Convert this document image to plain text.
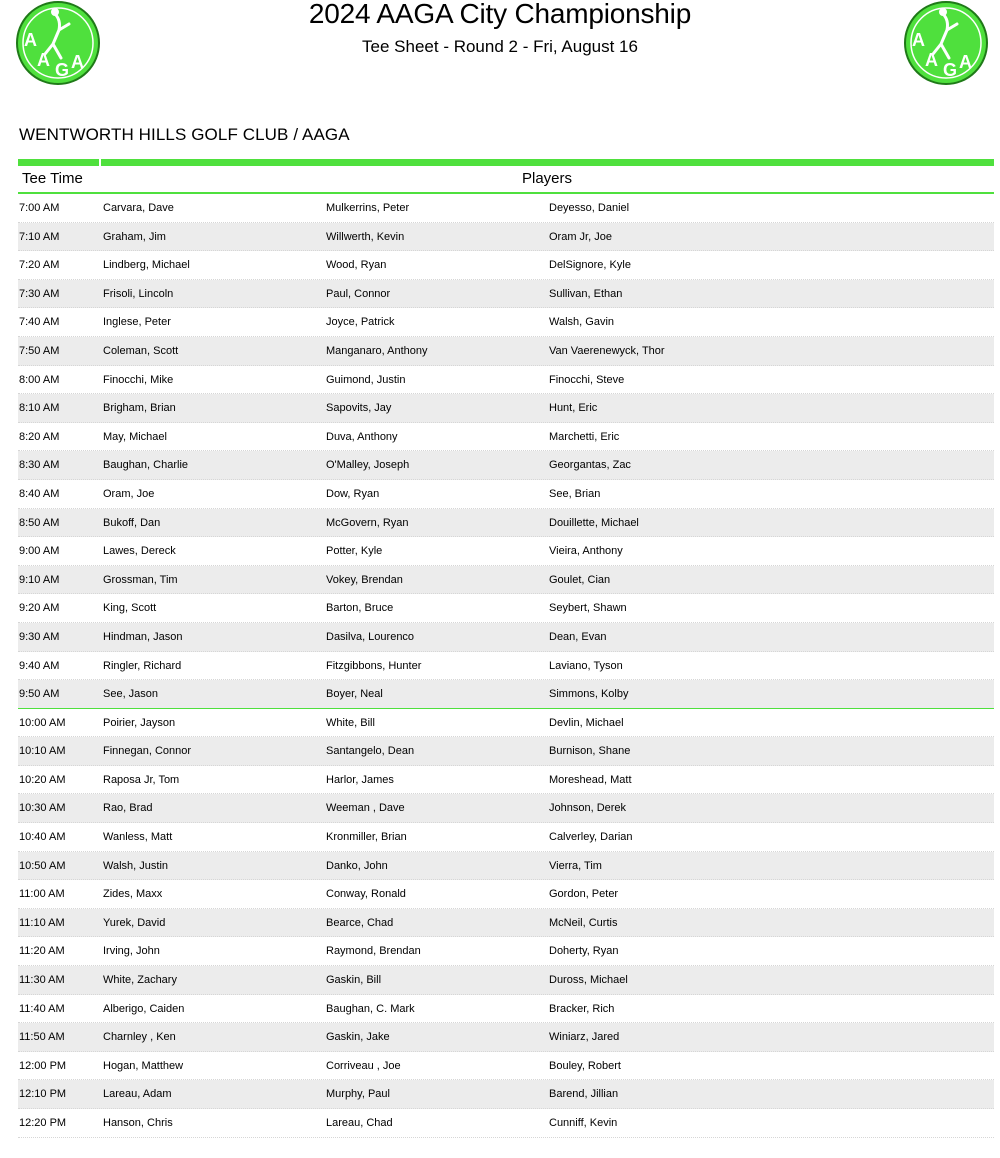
A
A G A
A
A G A
2024 AAGA City Championship
Tee Sheet - Round 2 - Fri, August 16
WENTWORTH HILLS GOLF CLUB / AAGA
Tee Time	Players
7:00 AM	Carvara, Dave	Mulkerrins, Peter	Deyesso, Daniel
7:10 AM	Graham, Jim	Willwerth, Kevin	Oram Jr, Joe
7:20 AM	Lindberg, Michael	Wood, Ryan	DelSignore, Kyle
7:30 AM	Frisoli, Lincoln	Paul, Connor	Sullivan, Ethan
7:40 AM	Inglese, Peter	Joyce, Patrick	Walsh, Gavin
7:50 AM	Coleman, Scott	Manganaro, Anthony	Van Vaerenewyck, Thor
8:00 AM	Finocchi, Mike	Guimond, Justin	Finocchi, Steve
8:10 AM	Brigham, Brian	Sapovits, Jay	Hunt, Eric
8:20 AM	May, Michael	Duva, Anthony	Marchetti, Eric
8:30 AM	Baughan, Charlie	O'Malley, Joseph	Georgantas, Zac
8:40 AM	Oram, Joe	Dow, Ryan	See, Brian
8:50 AM	Bukoff, Dan	McGovern, Ryan	Douillette, Michael
9:00 AM	Lawes, Dereck	Potter, Kyle	Vieira, Anthony
9:10 AM	Grossman, Tim	Vokey, Brendan	Goulet, Cian
9:20 AM	King, Scott	Barton, Bruce	Seybert, Shawn
9:30 AM	Hindman, Jason	Dasilva, Lourenco	Dean, Evan
9:40 AM	Ringler, Richard	Fitzgibbons, Hunter	Laviano, Tyson
9:50 AM	See, Jason	Boyer, Neal	Simmons, Kolby
10:00 AM	Poirier, Jayson	White, Bill	Devlin, Michael
10:10 AM	Finnegan, Connor	Santangelo, Dean	Burnison, Shane
10:20 AM	Raposa Jr, Tom	Harlor, James	Moreshead, Matt
10:30 AM	Rao, Brad	Weeman , Dave	Johnson, Derek
10:40 AM	Wanless, Matt	Kronmiller, Brian	Calverley, Darian
10:50 AM	Walsh, Justin	Danko, John	Vierra, Tim
11:00 AM	Zides, Maxx	Conway, Ronald	Gordon, Peter
11:10 AM	Yurek, David	Bearce, Chad	McNeil, Curtis
11:20 AM	Irving, John	Raymond, Brendan	Doherty, Ryan
11:30 AM	White, Zachary	Gaskin, Bill	Duross, Michael
11:40 AM	Alberigo, Caiden	Baughan, C. Mark	Bracker, Rich
11:50 AM	Charnley , Ken	Gaskin, Jake	Winiarz, Jared
12:00 PM	Hogan, Matthew	Corriveau , Joe	Bouley, Robert
12:10 PM	Lareau, Adam	Murphy, Paul	Barend, Jillian
12:20 PM	Hanson, Chris	Lareau, Chad	Cunniff, Kevin
